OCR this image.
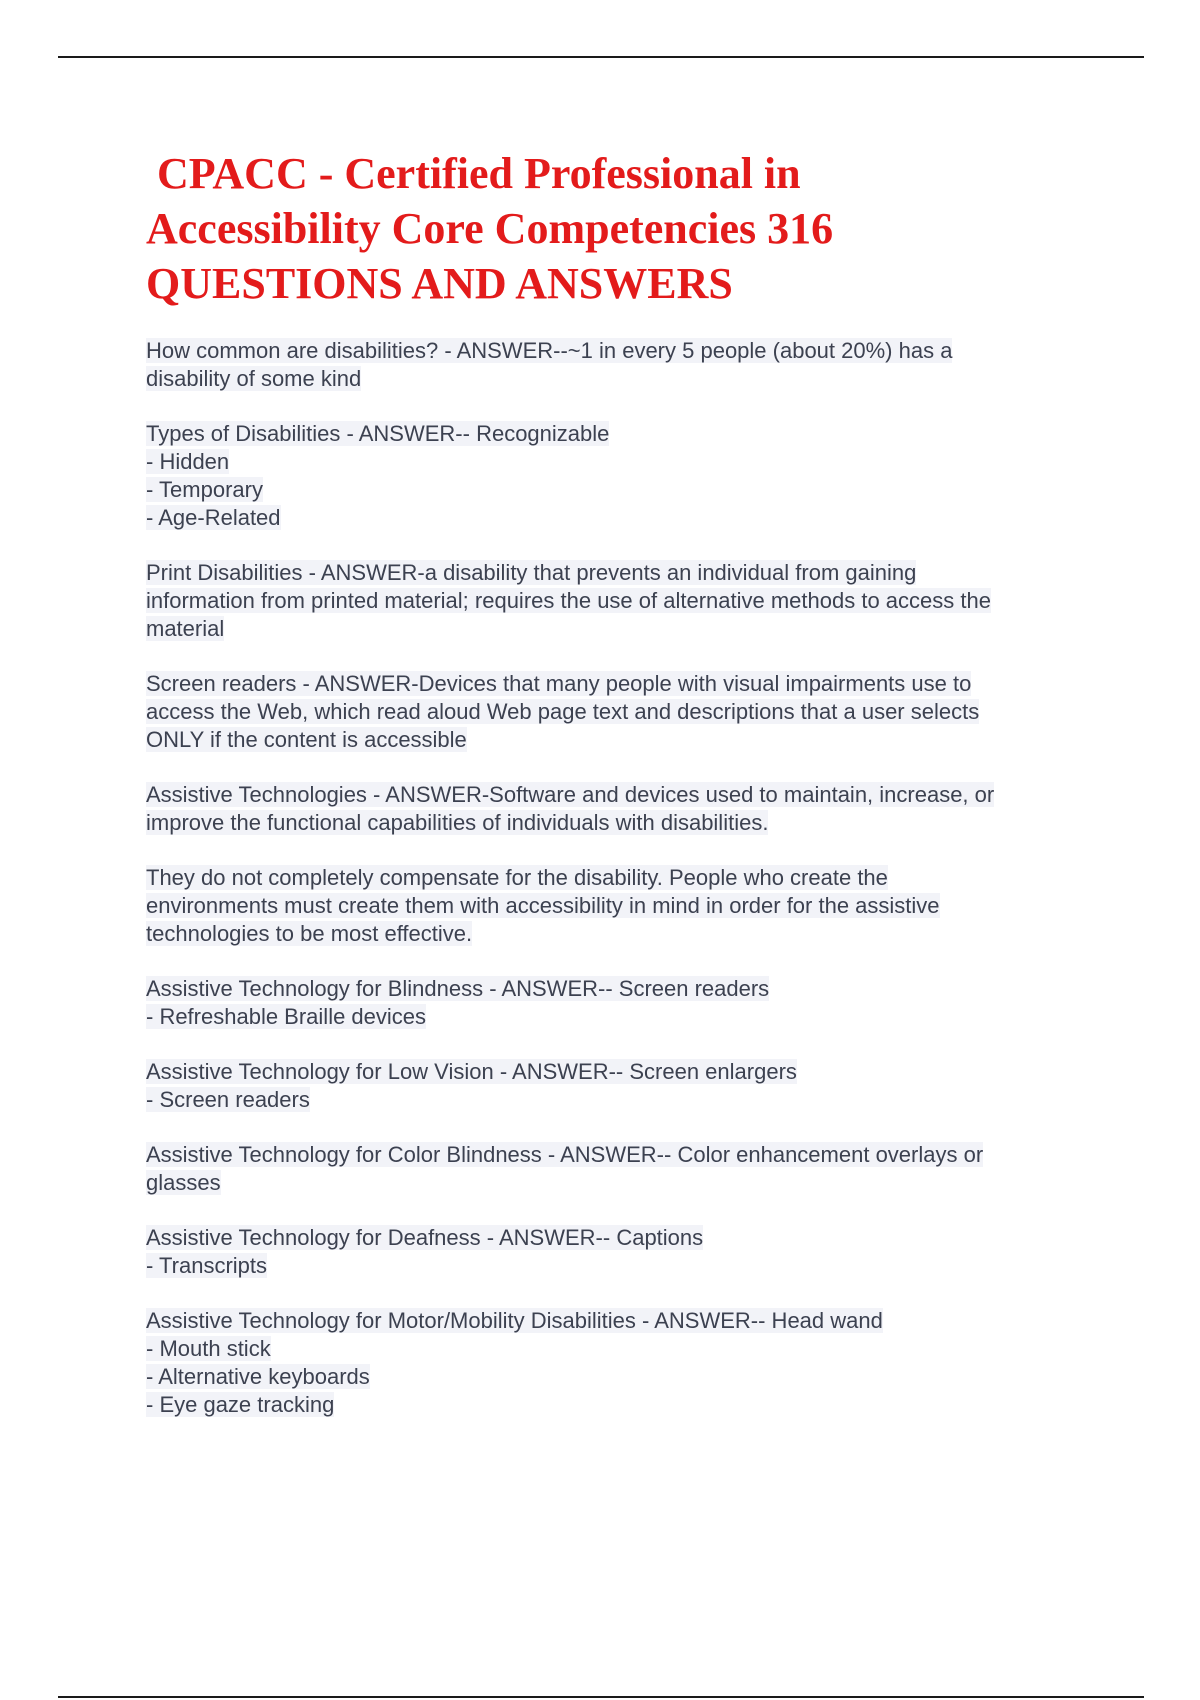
CPACC - Certified Professional in
Accessibility Core Competencies 316
QUESTIONS AND ANSWERS
How common are disabilities? - ANSWER--~1 in every 5 people (about 20%) has a
disability of some kind
Types of Disabilities - ANSWER-- Recognizable
- Hidden
- Temporary
- Age-Related
Print Disabilities - ANSWER-a disability that prevents an individual from gaining
information from printed material; requires the use of alternative methods to access the
material
Screen readers - ANSWER-Devices that many people with visual impairments use to
access the Web, which read aloud Web page text and descriptions that a user selects
ONLY if the content is accessible
Assistive Technologies - ANSWER-Software and devices used to maintain, increase, or
improve the functional capabilities of individuals with disabilities.
They do not completely compensate for the disability. People who create the
environments must create them with accessibility in mind in order for the assistive
technologies to be most effective.
Assistive Technology for Blindness - ANSWER-- Screen readers
- Refreshable Braille devices
Assistive Technology for Low Vision - ANSWER-- Screen enlargers
- Screen readers
Assistive Technology for Color Blindness - ANSWER-- Color enhancement overlays or
glasses
Assistive Technology for Deafness - ANSWER-- Captions
- Transcripts
Assistive Technology for Motor/Mobility Disabilities - ANSWER-- Head wand
- Mouth stick
- Alternative keyboards
- Eye gaze tracking
